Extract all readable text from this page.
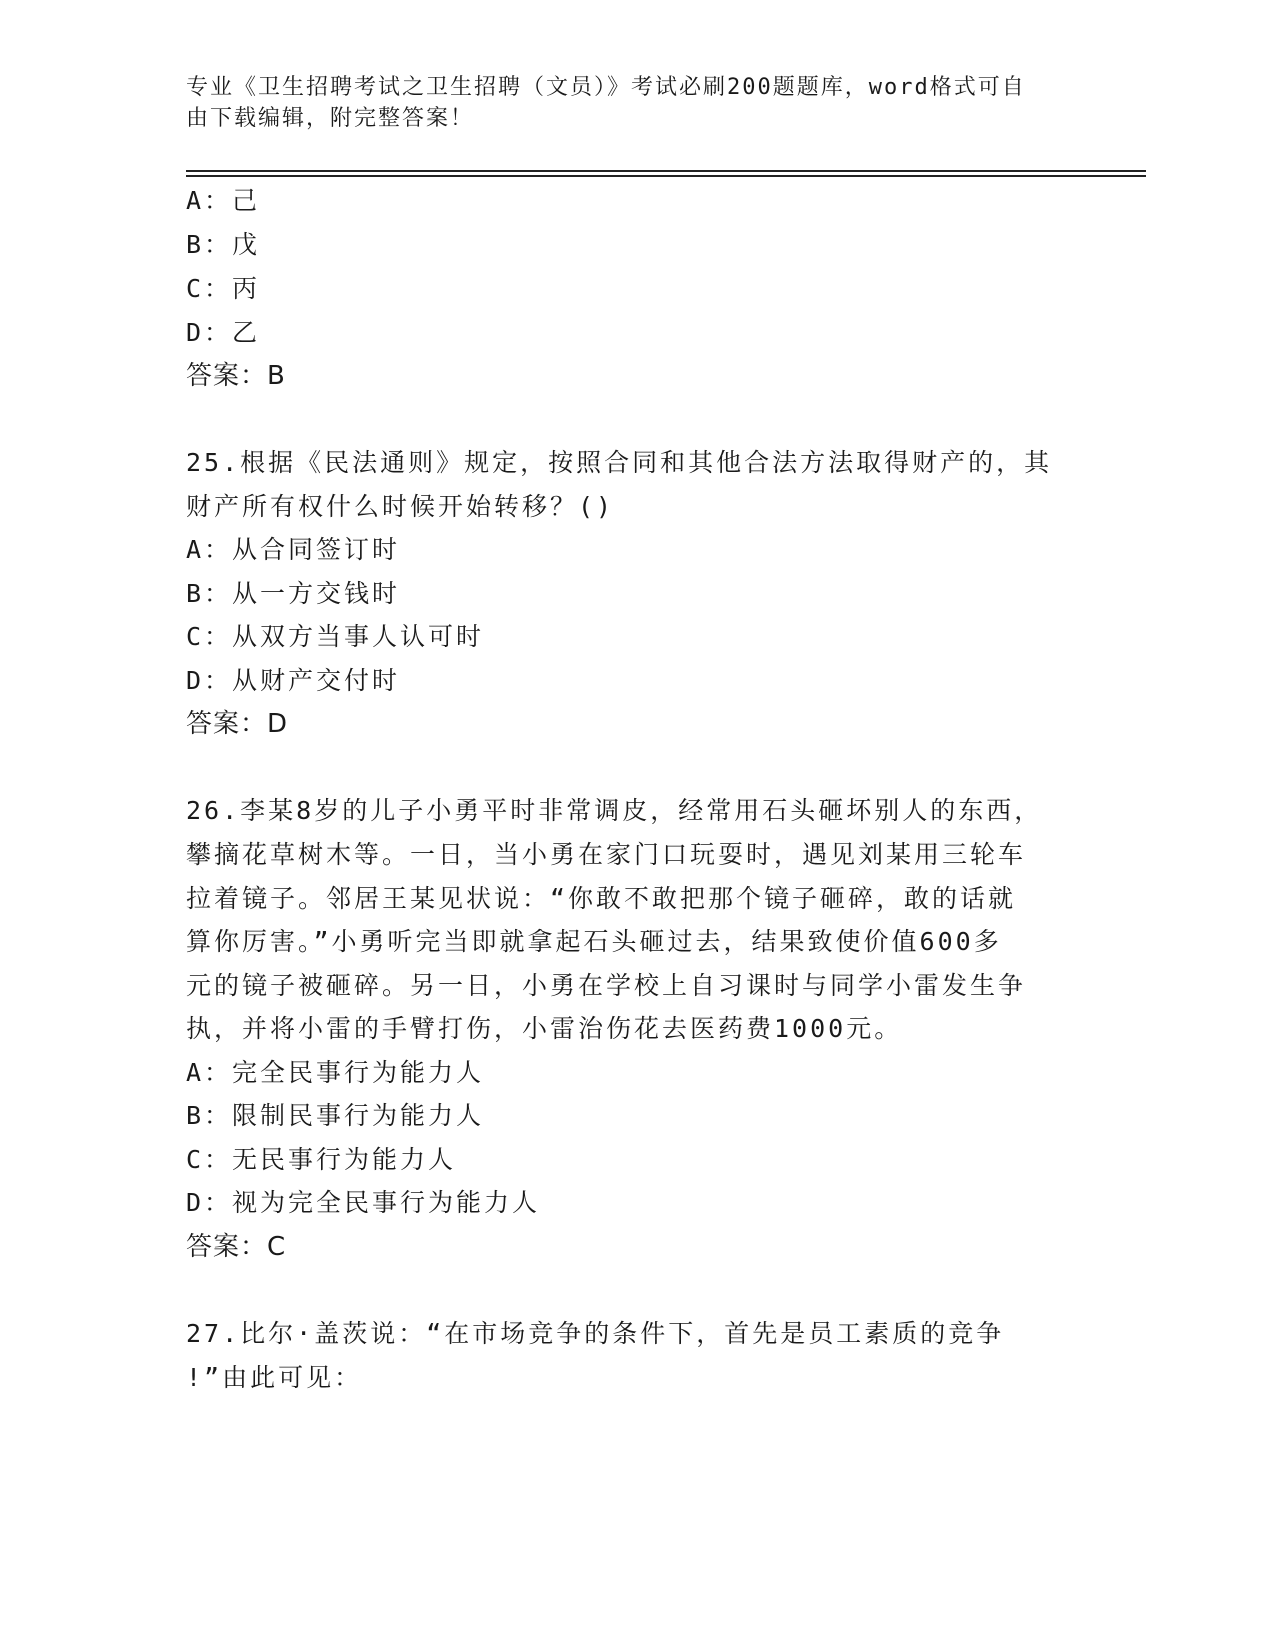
专业《卫生招聘考试之卫生招聘（文员）》考试必刷200题题库，word格式可自
由下载编辑，附完整答案！
A：己
B：戊
C：丙
D：乙
答案：B
25.根据《民法通则》规定，按照合同和其他合法方法取得财产的，其
财产所有权什么时候开始转移？()
A：从合同签订时
B：从一方交钱时
C：从双方当事人认可时
D：从财产交付时
答案：D
26.李某8岁的儿子小勇平时非常调皮，经常用石头砸坏别人的东西，
攀摘花草树木等。一日，当小勇在家门口玩耍时，遇见刘某用三轮车
拉着镜子。邻居王某见状说：“你敢不敢把那个镜子砸碎，敢的话就
算你厉害。”小勇听完当即就拿起石头砸过去，结果致使价值600多
元的镜子被砸碎。另一日，小勇在学校上自习课时与同学小雷发生争
执，并将小雷的手臂打伤，小雷治伤花去医药费1000元。
A：完全民事行为能力人
B：限制民事行为能力人
C：无民事行为能力人
D：视为完全民事行为能力人
答案：C
27.比尔·盖茨说：“在市场竞争的条件下，首先是员工素质的竞争
!”由此可见：
